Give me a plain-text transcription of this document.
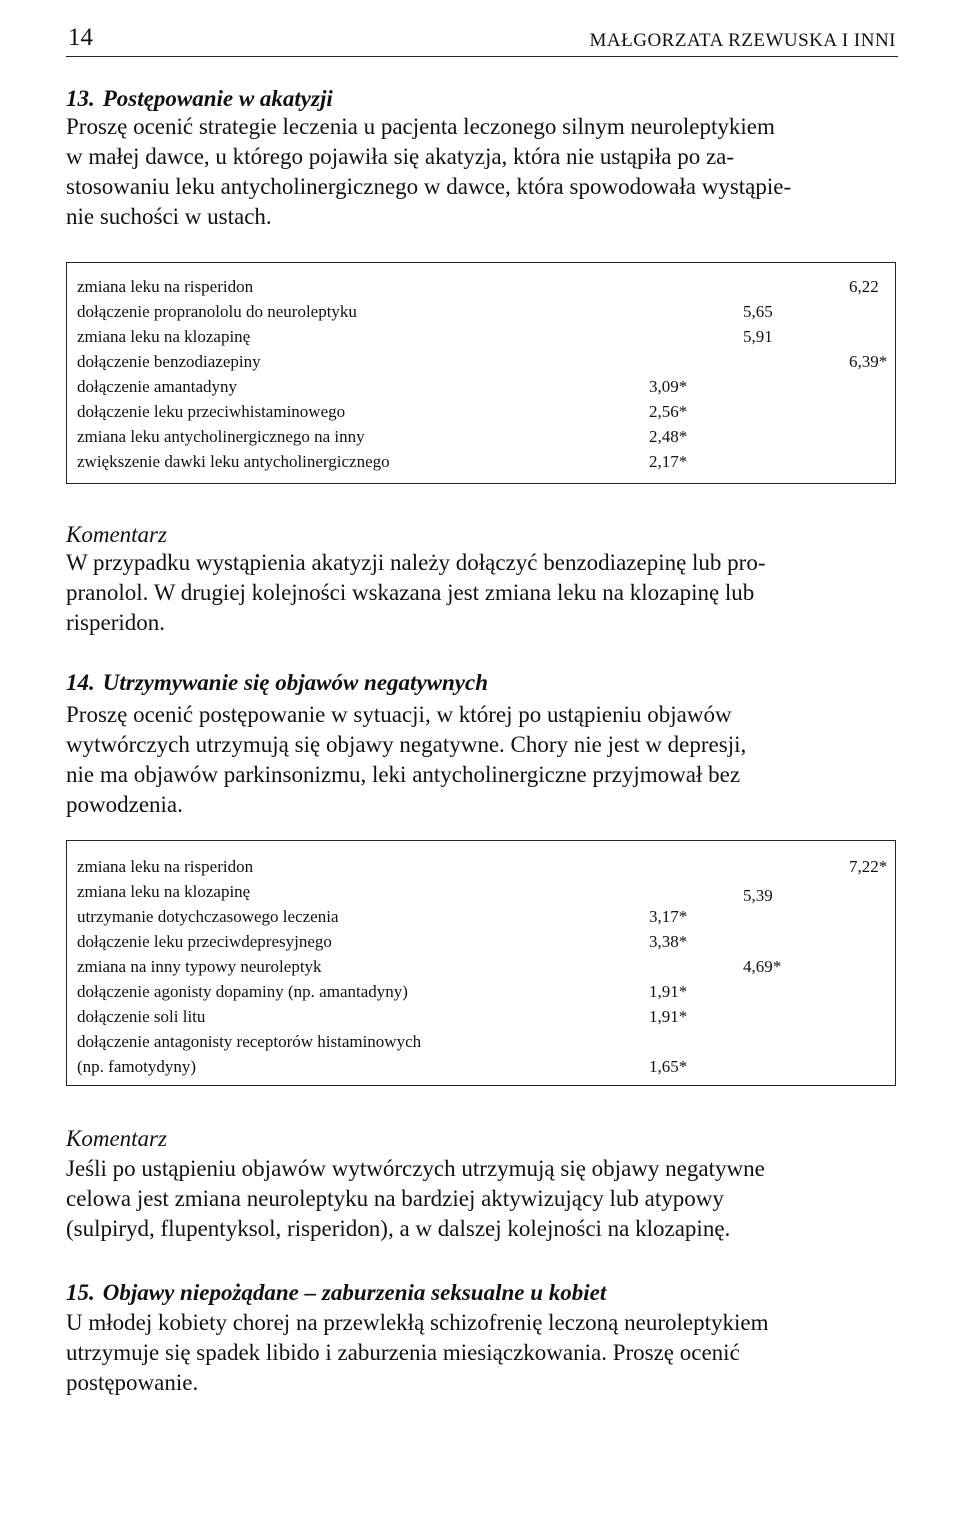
14	MAŁGORZATA RZEWUSKA I INNI
13. Postępowanie w akatyzji
Proszę ocenić strategie leczenia u pacjenta leczonego silnym neuroleptykiem
w małej dawce, u którego pojawiła się akatyzja, która nie ustąpiła po za-
stosowaniu leku antycholinergicznego w dawce, która spowodowała wystąpie-
nie suchości w ustach.
zmiana leku na risperidon	6,22
dołączenie propranololu do neuroleptyku	5,65
zmiana leku na klozapinę	5,91
dołączenie benzodiazepiny	6,39*
dołączenie amantadyny	3,09*
dołączenie leku przeciwhistaminowego	2,56*
zmiana leku antycholinergicznego na inny	2,48*
zwiększenie dawki leku antycholinergicznego	2,17*
Komentarz
W przypadku wystąpienia akatyzji należy dołączyć benzodiazepinę lub pro-
pranolol. W drugiej kolejności wskazana jest zmiana leku na klozapinę lub
risperidon.
14. Utrzymywanie się objawów negatywnych
Proszę ocenić postępowanie w sytuacji, w której po ustąpieniu objawów
wytwórczych utrzymują się objawy negatywne. Chory nie jest w depresji,
nie ma objawów parkinsonizmu, leki antycholinergiczne przyjmował bez
powodzenia.
zmiana leku na risperidon	7,22*
zmiana leku na klozapinę	5,39
utrzymanie dotychczasowego leczenia	3,17*
dołączenie leku przeciwdepresyjnego	3,38*
zmiana na inny typowy neuroleptyk	4,69*
dołączenie agonisty dopaminy (np. amantadyny)	1,91*
dołączenie soli litu	1,91*
dołączenie antagonisty receptorów histaminowych
(np. famotydyny)	1,65*
Komentarz
Jeśli po ustąpieniu objawów wytwórczych utrzymują się objawy negatywne
celowa jest zmiana neuroleptyku na bardziej aktywizujący lub atypowy
(sulpiryd, flupentyksol, risperidon), a w dalszej kolejności na klozapinę.
15. Objawy niepożądane – zaburzenia seksualne u kobiet
U młodej kobiety chorej na przewlekłą schizofrenię leczoną neuroleptykiem
utrzymuje się spadek libido i zaburzenia miesiączkowania. Proszę ocenić
postępowanie.
